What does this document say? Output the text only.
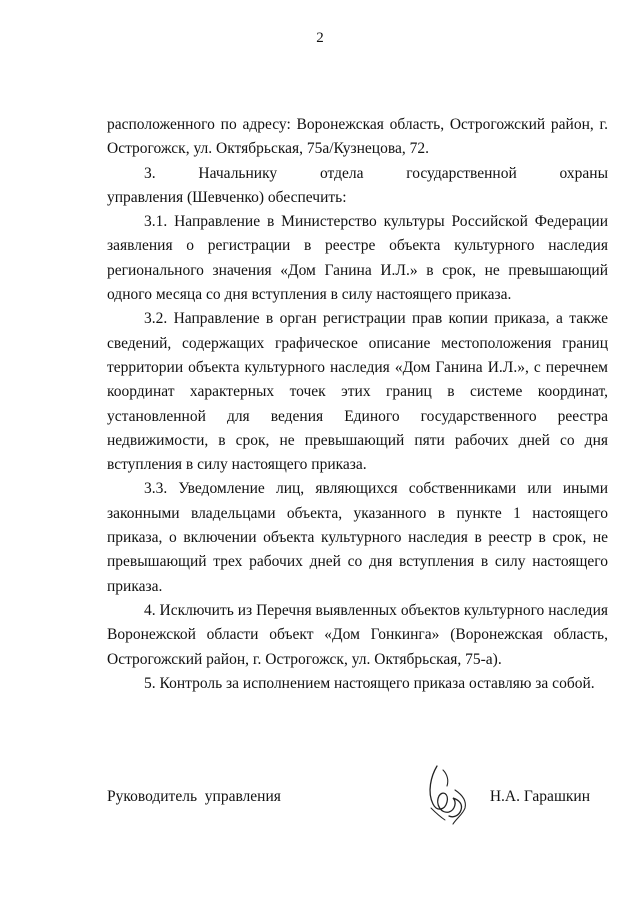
2

расположенного по адресу: Воронежская область, Острогожский район, г. Острогожск, ул. Октябрьская, 75а/Кузнецова, 72.

3.      Начальнику      отдела      государственной      охраны      управления (Шевченко) обеспечить:

3.1. Направление в Министерство культуры Российской Федерации заявления о регистрации в реестре объекта культурного наследия регионального значения «Дом Ганина И.Л.» в срок, не превышающий одного месяца со дня вступления в силу настоящего приказа.

3.2. Направление в орган регистрации прав копии приказа, а также сведений, содержащих графическое описание местоположения границ территории объекта культурного наследия «Дом Ганина И.Л.», с перечнем координат характерных точек этих границ в системе координат, установленной для ведения Единого государственного реестра недвижимости, в срок, не превышающий пяти рабочих дней со дня вступления в силу настоящего приказа.

3.3. Уведомление лиц, являющихся собственниками или иными законными владельцами объекта, указанного в пункте 1 настоящего приказа, о включении объекта культурного наследия в реестр в срок, не превышающий трех рабочих дней со дня вступления в силу настоящего приказа.

4. Исключить из Перечня выявленных объектов культурного наследия Воронежской области объект «Дом Гонкинга» (Воронежская область, Острогожский район, г. Острогожск, ул. Октябрьская, 75-а).

5. Контроль за исполнением настоящего приказа оставляю за собой.

Руководитель  управления	Н.А. Гарашкин
